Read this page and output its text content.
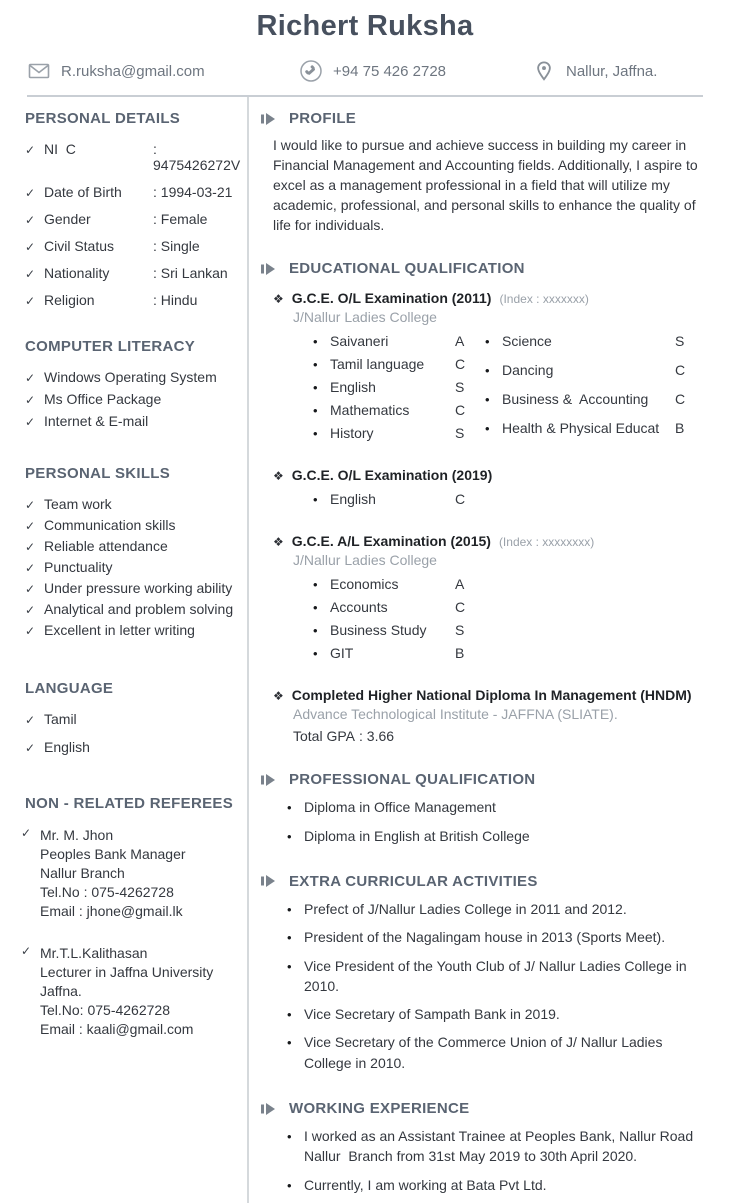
Richert Ruksha
R.ruksha@gmail.com	+94 75 426 2728	Nallur, Jaffna.
PERSONAL DETAILS
✓ NI  C	: 9475426272V
✓ Date of Birth	: 1994-03-21
✓ Gender	: Female
✓ Civil Status	: Single
✓ Nationality	: Sri Lankan
✓ Religion	: Hindu
COMPUTER LITERACY
✓ Windows Operating System
✓ Ms Office Package
✓ Internet & E-mail
PERSONAL SKILLS
✓ Team work
✓ Communication skills
✓ Reliable attendance
✓ Punctuality
✓ Under pressure working ability
✓ Analytical and problem solving
✓ Excellent in letter writing
LANGUAGE
✓ Tamil
✓ English
NON - RELATED REFEREES
✓ Mr. M. Jhon
Peoples Bank Manager
Nallur Branch
Tel.No : 075-4262728
Email : jhone@gmail.lk
✓ Mr.T.L.Kalithasan
Lecturer in Jaffna University
Jaffna.
Tel.No: 075-4262728
Email : kaali@gmail.com
PROFILE

I would like to pursue and achieve success in building my career in Financial Management and Accounting fields. Additionally, I aspire to excel as a management professional in a field that will utilize my academic, professional, and personal skills to enhance the quality of life for individuals.

EDUCATIONAL QUALIFICATION
❖ G.C.E. O/L Examination (2011) (Index : xxxxxxx)
J/Nallur Ladies College
• Saivaneri	A
• Tamil language	C
• English	S
• Mathematics	C
• History	S
• Science	S
• Dancing	C
• Business &  Accounting	C
• Health & Physical Educat	B
❖ G.C.E. O/L Examination (2019)
• English	C
❖ G.C.E. A/L Examination (2015) (Index : xxxxxxxx)
J/Nallur Ladies College
• Economics	A
• Accounts	C
• Business Study	S
• GIT	B
❖ Completed Higher National Diploma In Management (HNDM)
Advance Technological Institute - JAFFNA (SLIATE).
Total GPA : 3.66
PROFESSIONAL QUALIFICATION
• Diploma in Office Management
• Diploma in English at British College
EXTRA CURRICULAR ACTIVITIES
• Prefect of J/Nallur Ladies College in 2011 and 2012.
• President of the Nagalingam house in 2013 (Sports Meet).
• Vice President of the Youth Club of J/ Nallur Ladies College in 2010.
• Vice Secretary of Sampath Bank in 2019.
• Vice Secretary of the Commerce Union of J/ Nallur Ladies College in 2010.
WORKING EXPERIENCE
• I worked as an Assistant Trainee at Peoples Bank, Nallur Road Nallur  Branch from 31st May 2019 to 30th April 2020.
• Currently, I am working at Bata Pvt Ltd.
